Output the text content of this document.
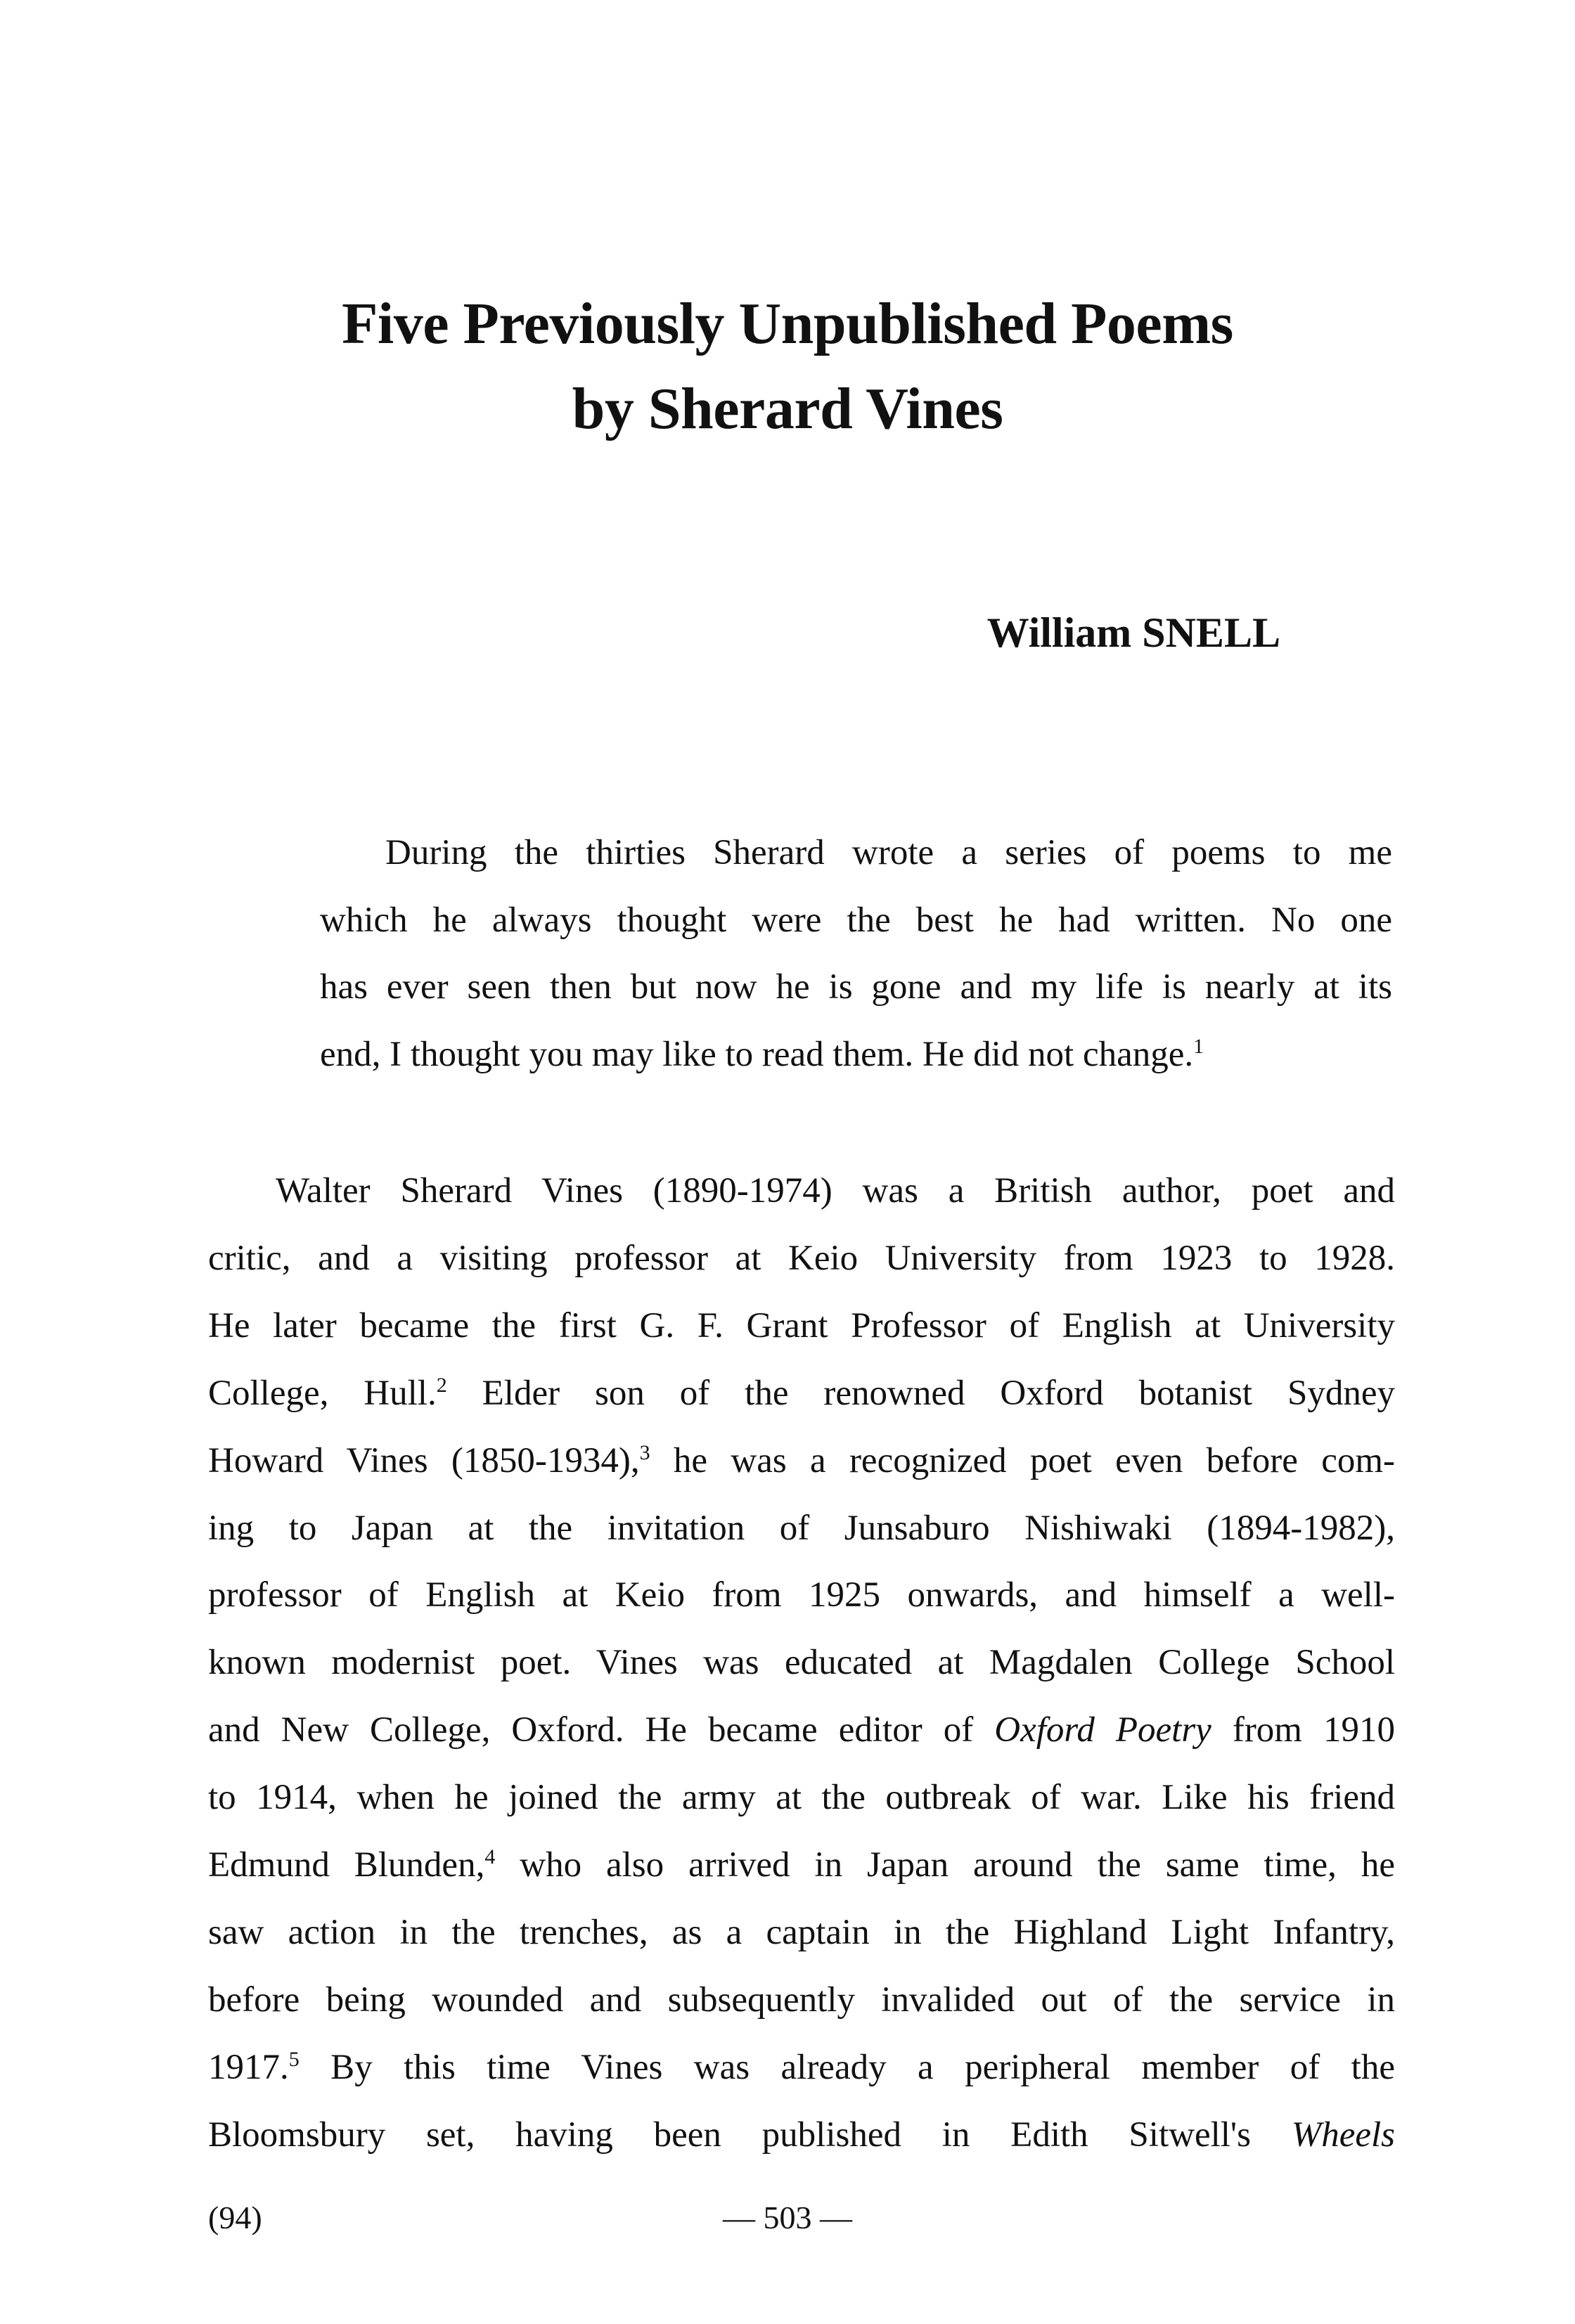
Five Previously Unpublished Poems
by Sherard Vines
William SNELL
During the thirties Sherard wrote a series of poems to me
which he always thought were the best he had written. No one
has ever seen then but now he is gone and my life is nearly at its
end, I thought you may like to read them. He did not change.$^1$
Walter Sherard Vines (1890-1974) was a British author, poet and
critic, and a visiting professor at Keio University from 1923 to 1928.
He later became the first G. F. Grant Professor of English at University
College, Hull.$^2$ Elder son of the renowned Oxford botanist Sydney
Howard Vines (1850-1934),$^3$ he was a recognized poet even before com-
ing to Japan at the invitation of Junsaburo Nishiwaki (1894-1982),
professor of English at Keio from 1925 onwards, and himself a well-
known modernist poet. Vines was educated at Magdalen College School
and New College, Oxford. He became editor of Oxford Poetry from 1910
to 1914, when he joined the army at the outbreak of war. Like his friend
Edmund Blunden,$^4$ who also arrived in Japan around the same time, he
saw action in the trenches, as a captain in the Highland Light Infantry,
before being wounded and subsequently invalided out of the service in
1917.$^5$ By this time Vines was already a peripheral member of the
Bloomsbury set, having been published in Edith Sitwell's Wheels
(94)	— 503 —
